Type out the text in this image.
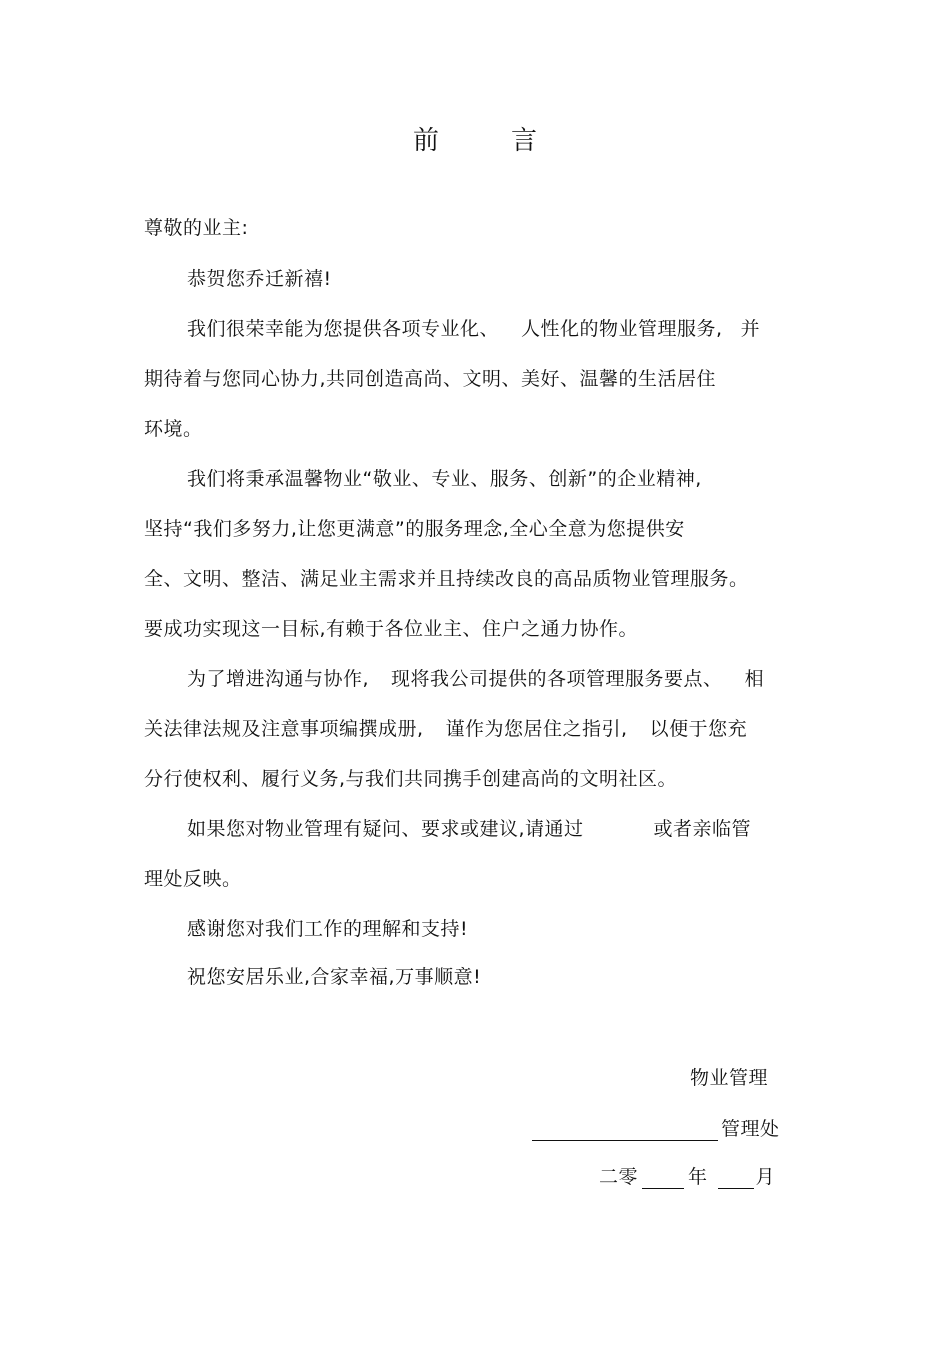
前	言
尊敬的业主:
恭贺您乔迁新禧!
我们很荣幸能为您提供各项专业化、 人性化的物业管理服务, 并
期待着与您同心协力,共同创造高尚、文明、美好、温馨的生活居住
环境。
我们将秉承温馨物业“敬业、专业、服务、创新”的企业精神,
坚持“我们多努力,让您更满意”的服务理念,全心全意为您提供安
全、文明、整洁、满足业主需求并且持续改良的高品质物业管理服务。
要成功实现这一目标,有赖于各位业主、住户之通力协作。
为了增进沟通与协作, 现将我公司提供的各项管理服务要点、 相
关法律法规及注意事项编撰成册, 谨作为您居住之指引, 以便于您充
分行使权利、履行义务,与我们共同携手创建高尚的文明社区。
如果您对物业管理有疑问、要求或建议,请通过	或者亲临管
理处反映。
感谢您对我们工作的理解和支持!
祝您安居乐业,合家幸福,万事顺意!
物业管理
管理处
二零	年	月
